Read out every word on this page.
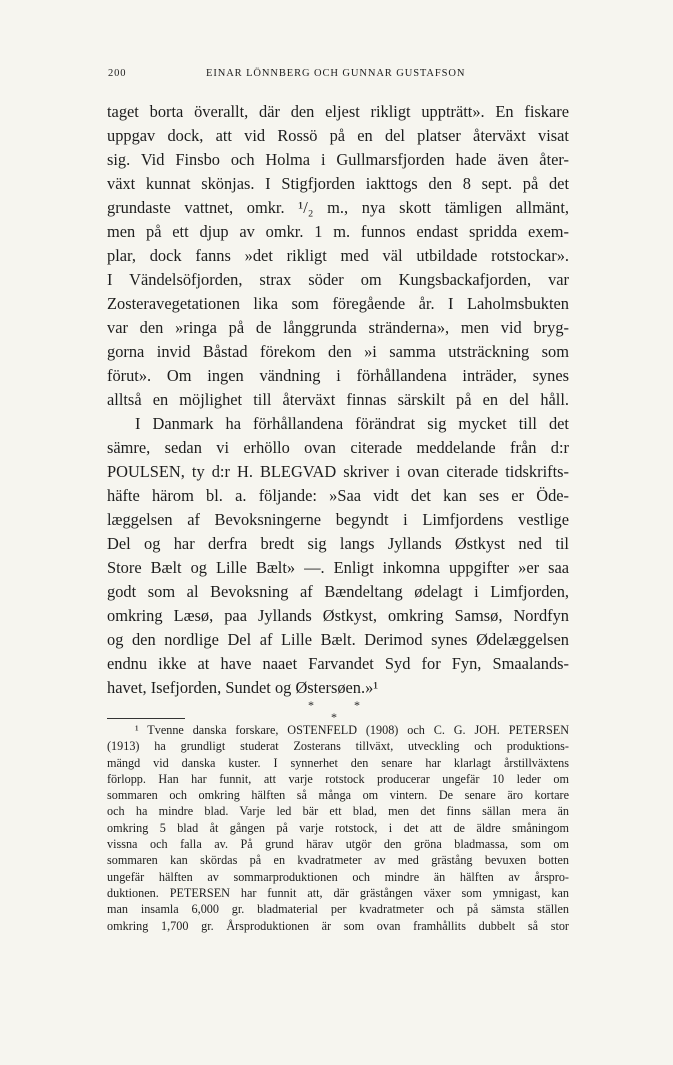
200	EINAR LÖNNBERG OCH GUNNAR GUSTAFSON
taget borta överallt, där den eljest rikligt uppträtt». En fiskare
uppgav dock, att vid Rossö på en del platser återväxt visat
sig. Vid Finsbo och Holma i Gullmarsfjorden hade även åter-
växt kunnat skönjas. I Stigfjorden iakttogs den 8 sept. på det
grundaste vattnet, omkr. ¹/₂ m., nya skott tämligen allmänt,
men på ett djup av omkr. 1 m. funnos endast spridda exem-
plar, dock fanns »det rikligt med väl utbildade rotstockar».
I Vändelsöfjorden, strax söder om Kungsbackafjorden, var
Zosteravegetationen lika som föregående år. I Laholmsbukten
var den »ringa på de långgrunda stränderna», men vid bryg-
gorna invid Båstad förekom den »i samma utsträckning som
förut». Om ingen vändning i förhållandena inträder, synes
alltså en möjlighet till återväxt finnas särskilt på en del håll.
I Danmark ha förhållandena förändrat sig mycket till det
sämre, sedan vi erhöllo ovan citerade meddelande från d:r
POULSEN, ty d:r H. BLEGVAD skriver i ovan citerade tidskrifts-
häfte härom bl. a. följande: »Saa vidt det kan ses er Öde-
læggelsen af Bevoksningerne begyndt i Limfjordens vestlige
Del og har derfra bredt sig langs Jyllands Østkyst ned til
Store Bælt og Lille Bælt» —. Enligt inkomna uppgifter »er saa
godt som al Bevoksning af Bændeltang ødelagt i Limfjorden,
omkring Læsø, paa Jyllands Østkyst, omkring Samsø, Nordfyn
og den nordlige Del af Lille Bælt. Derimod synes Ødelæggelsen
endnu ikke at have naaet Farvandet Syd for Fyn, Smaalands-
havet, Isefjorden, Sundet og Østersøen.»¹
*	*
*
¹ Tvenne danska forskare, OSTENFELD (1908) och C. G. JOH. PETERSEN
(1913) ha grundligt studerat Zosterans tillväxt, utveckling och produktions-
mängd vid danska kuster. I synnerhet den senare har klarlagt årstillväxtens
förlopp. Han har funnit, att varje rotstock producerar ungefär 10 leder om
sommaren och omkring hälften så många om vintern. De senare äro kortare
och ha mindre blad. Varje led bär ett blad, men det finns sällan mera än
omkring 5 blad åt gången på varje rotstock, i det att de äldre småningom
vissna och falla av. På grund härav utgör den gröna bladmassa, som om
sommaren kan skördas på en kvadratmeter av med grästång bevuxen botten
ungefär hälften av sommarproduktionen och mindre än hälften av årspro-
duktionen. PETERSEN har funnit att, där grästången växer som ymnigast, kan
man insamla 6,000 gr. bladmaterial per kvadratmeter och på sämsta ställen
omkring 1,700 gr. Årsproduktionen är som ovan framhållits dubbelt så stor
